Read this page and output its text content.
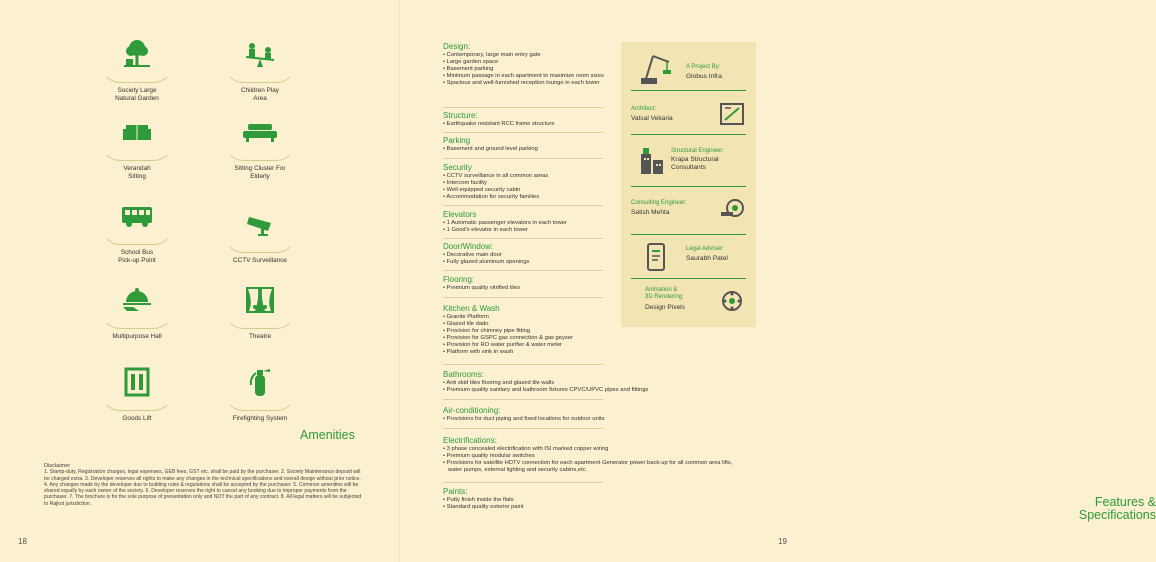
Society Large
Natural Garden
Children Play
Area
Verandah
Sitting
Sitting Cluster For
Elderly
School Bus
Pick-up Point	CCTV Surveillance
Multipurpose Hall	Theatre
Goods Lift	Firefighting System
Amenities
Disclaimer
1. Stamp-duty, Registration charges, legal expenses, GEB fees, GST etc. shall be paid by the purchaser. 2. Society Maintenance deposit will be charged extra. 3. Developer reserves all rights to make any changes in the technical specifications and overall design without prior notice. 4. Any changes made by the developer due to building rules & regulations shall be accepted by the purchaser. 5. Common amenities will be shared equally by each owner of the society. 6. Developer reserves the right to cancel any booking due to improper payments from the purchaser. 7. The brochure is for the sole purpose of presentation only and NOT the part of any contract. 8. All legal matters will be subjected to Rajkot jurisdiction.
18
Design:
• Contemporary, large main entry gate
• Large garden space
• Basement parking
• Minimum passage in each apartment to maximize room sizes
• Spacious and well-furnished reception lounge in each tower
Structure:
• Earthquake resistant RCC frame structure
Parking
• Basement and ground level parking
Security
• CCTV surveillance in all common areas
• Intercom facility
• Well equipped security cabin
• Accommodation for security families
Elevators
• 1 Automatic passenger elevators in each tower
• 1 Good's elevator in each tower
Door/Window:
• Decorative main door
• Fully glazed aluminum openings
Flooring:
• Premium quality vitrified tiles
Kitchen & Wash
• Granite Platform
• Glazed tile dado
• Provision for chimney pipe fitting
• Provision for GSPC gas connection & gas geyser
• Provision for RO water purifier & water meter
• Platform with sink in wash
Bathrooms:
• Anti skid tiles flooring and glazed tile walls
• Premium quality sanitary and bathroom fixtures CPVC/UPVC pipes and fittings
Air-conditioning:
• Provisions for duct piping and fixed locations for outdoor units
Electrifications:
• 3 phase concealed electrification with ISI marked copper wiring
• Premium quality modular switches
• Provisions for satellite HDTV connection for each apartment Generator power back-up for all common area lifts, water pumps, external lighting and security cabins,etc.
Paints:
• Putty finish inside the flats
• Standard quality exterior paint	Features &
Specifications
19
A Project By:
Globus Infra
Architect:
Vatsal Vekaria
Structural Engineer:
Krapa Structural
Consultants
Consulting Engineer:
Satish Mehta
Legal Adviser:
Saurabh Patel
Animation &
3D Rendering:
Design Pixels
